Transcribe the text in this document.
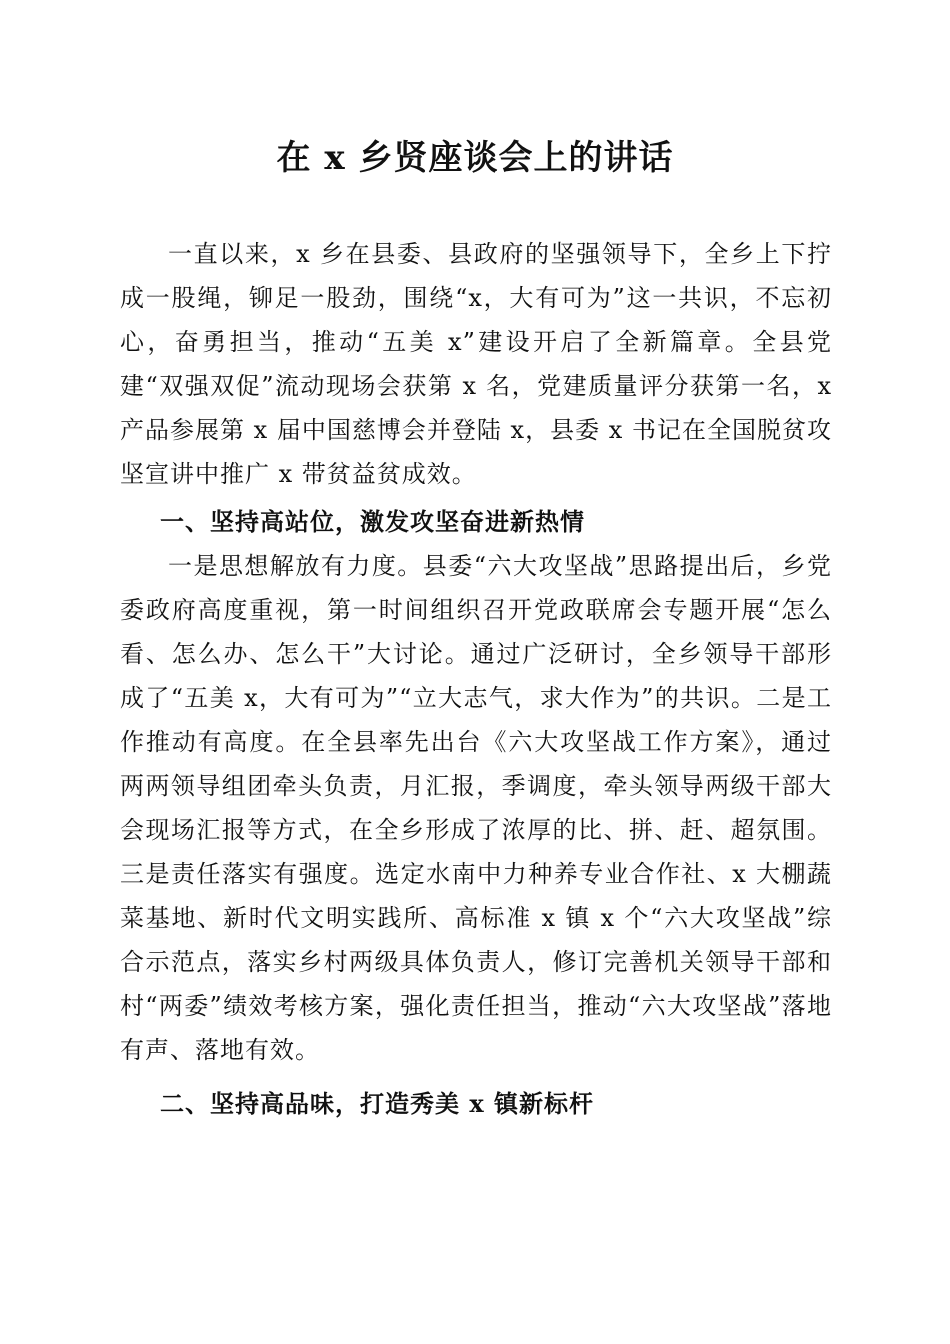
在 x 乡贤座谈会上的讲话

一直以来，x 乡在县委、县政府的坚强领导下，全乡上下拧成一股绳，铆足一股劲，围绕“x，大有可为”这一共识，不忘初心，奋勇担当，推动“五美 x”建设开启了全新篇章。全县党建“双强双促”流动现场会获第 x 名，党建质量评分获第一名，x 产品参展第 x 届中国慈博会并登陆 x，县委 x 书记在全国脱贫攻坚宣讲中推广 x 带贫益贫成效。

一、坚持高站位，激发攻坚奋进新热情

一是思想解放有力度。县委“六大攻坚战”思路提出后，乡党委政府高度重视，第一时间组织召开党政联席会专题开展“怎么看、怎么办、怎么干”大讨论。通过广泛研讨，全乡领导干部形成了“五美 x，大有可为”“立大志气，求大作为”的共识。二是工作推动有高度。在全县率先出台《六大攻坚战工作方案》，通过两两领导组团牵头负责，月汇报，季调度，牵头领导两级干部大会现场汇报等方式，在全乡形成了浓厚的比、拼、赶、超氛围。三是责任落实有强度。选定水南中力种养专业合作社、x 大棚蔬菜基地、新时代文明实践所、高标准 x 镇 x 个“六大攻坚战”综合示范点，落实乡村两级具体负责人，修订完善机关领导干部和村“两委”绩效考核方案，强化责任担当，推动“六大攻坚战”落地有声、落地有效。

二、坚持高品味，打造秀美 x 镇新标杆
